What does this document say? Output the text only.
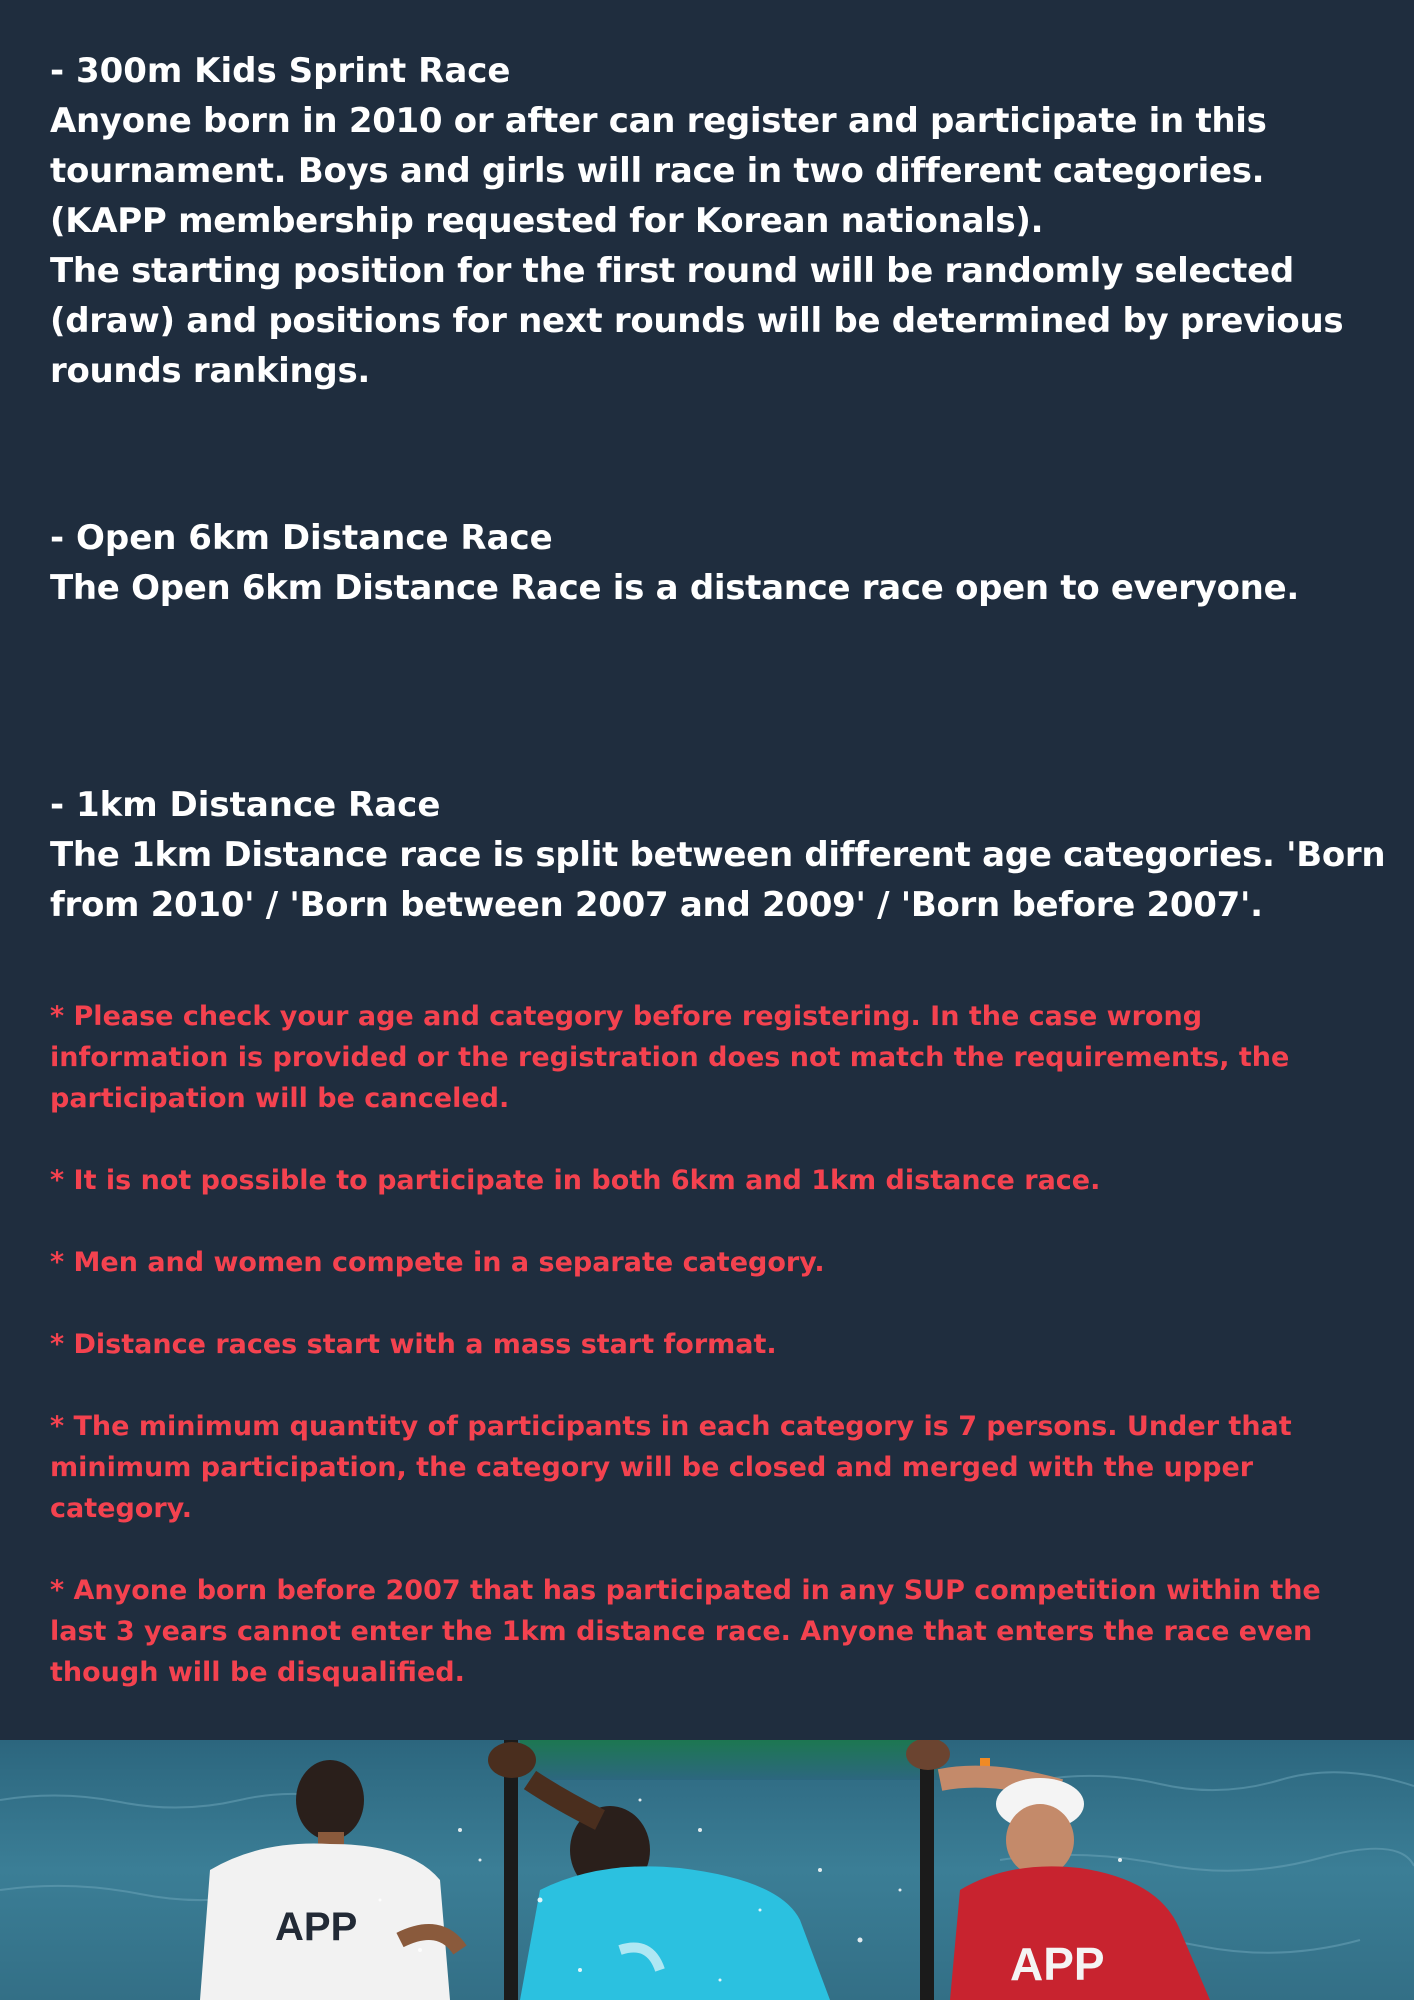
- 300m Kids Sprint Race

Anyone born in 2010 or after can register and participate in this

tournament. Boys and girls will race in two different categories.

(KAPP membership requested for Korean nationals).

The starting position for the first round will be randomly selected

(draw) and positions for next rounds will be determined by previous

rounds rankings.

- Open 6km Distance Race

The Open 6km Distance Race is a distance race open to everyone.

- 1km Distance Race

The 1km Distance race is split between different age categories. 'Born

from 2010' / 'Born between 2007 and 2009' / 'Born before 2007'.

* Please check your age and category before registering. In the case wrong

information is provided or the registration does not match the requirements, the

participation will be canceled.

* It is not possible to participate in both 6km and 1km distance race.

* Men and women compete in a separate category.

* Distance races start with a mass start format.

* The minimum quantity of participants in each category is 7 persons. Under that

minimum participation, the category will be closed and merged with the upper

category.

* Anyone born before 2007 that has participated in any SUP competition within the

last 3 years cannot enter the 1km distance race. Anyone that enters the race even

though will be disqualified.

APP
APP
